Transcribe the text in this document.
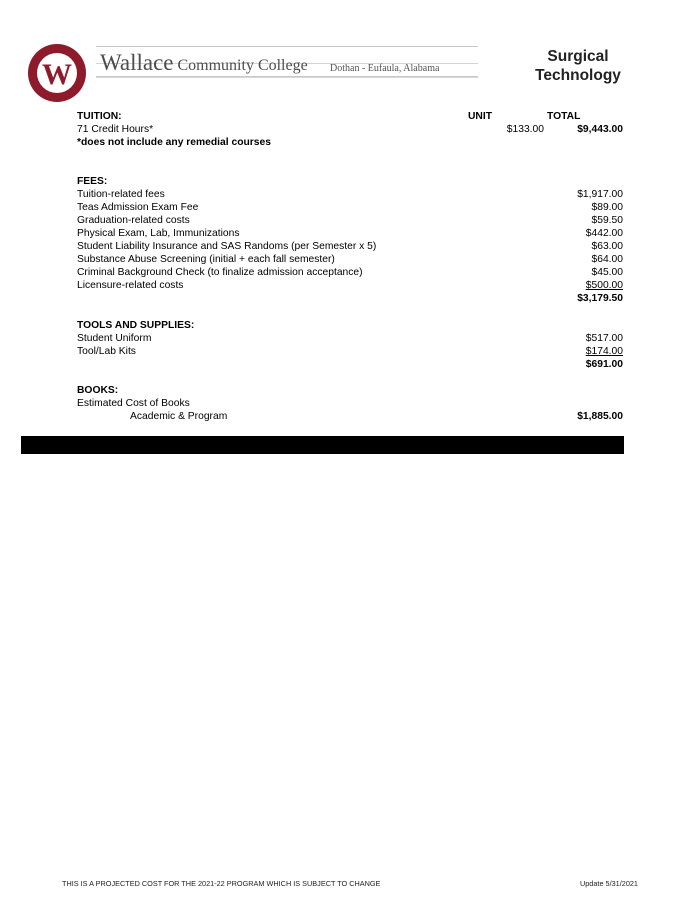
W Wallace Community College Dothan - Eufaula, Alabama
Surgical
Technology
TUITION:	UNIT	TOTAL
71 Credit Hours*	$133.00	$9,443.00
*does not include any remedial courses
FEES:
Tuition-related fees	$1,917.00
Teas Admission Exam Fee	$89.00
Graduation-related costs	$59.50
Physical Exam, Lab, Immunizations	$442.00
Student Liability Insurance and SAS Randoms (per Semester x 5)	$63.00
Substance Abuse Screening (initial + each fall semester)	$64.00
Criminal Background Check (to finalize admission acceptance)	$45.00
Licensure-related costs	$500.00
$3,179.50
TOOLS AND SUPPLIES:
Student Uniform	$517.00
Tool/Lab Kits	$174.00
$691.00
BOOKS:
Estimated Cost of Books
Academic & Program	$1,885.00
THIS IS A PROJECTED COST FOR THE 2021-22 PROGRAM WHICH IS SUBJECT TO CHANGE	Update 5/31/2021
